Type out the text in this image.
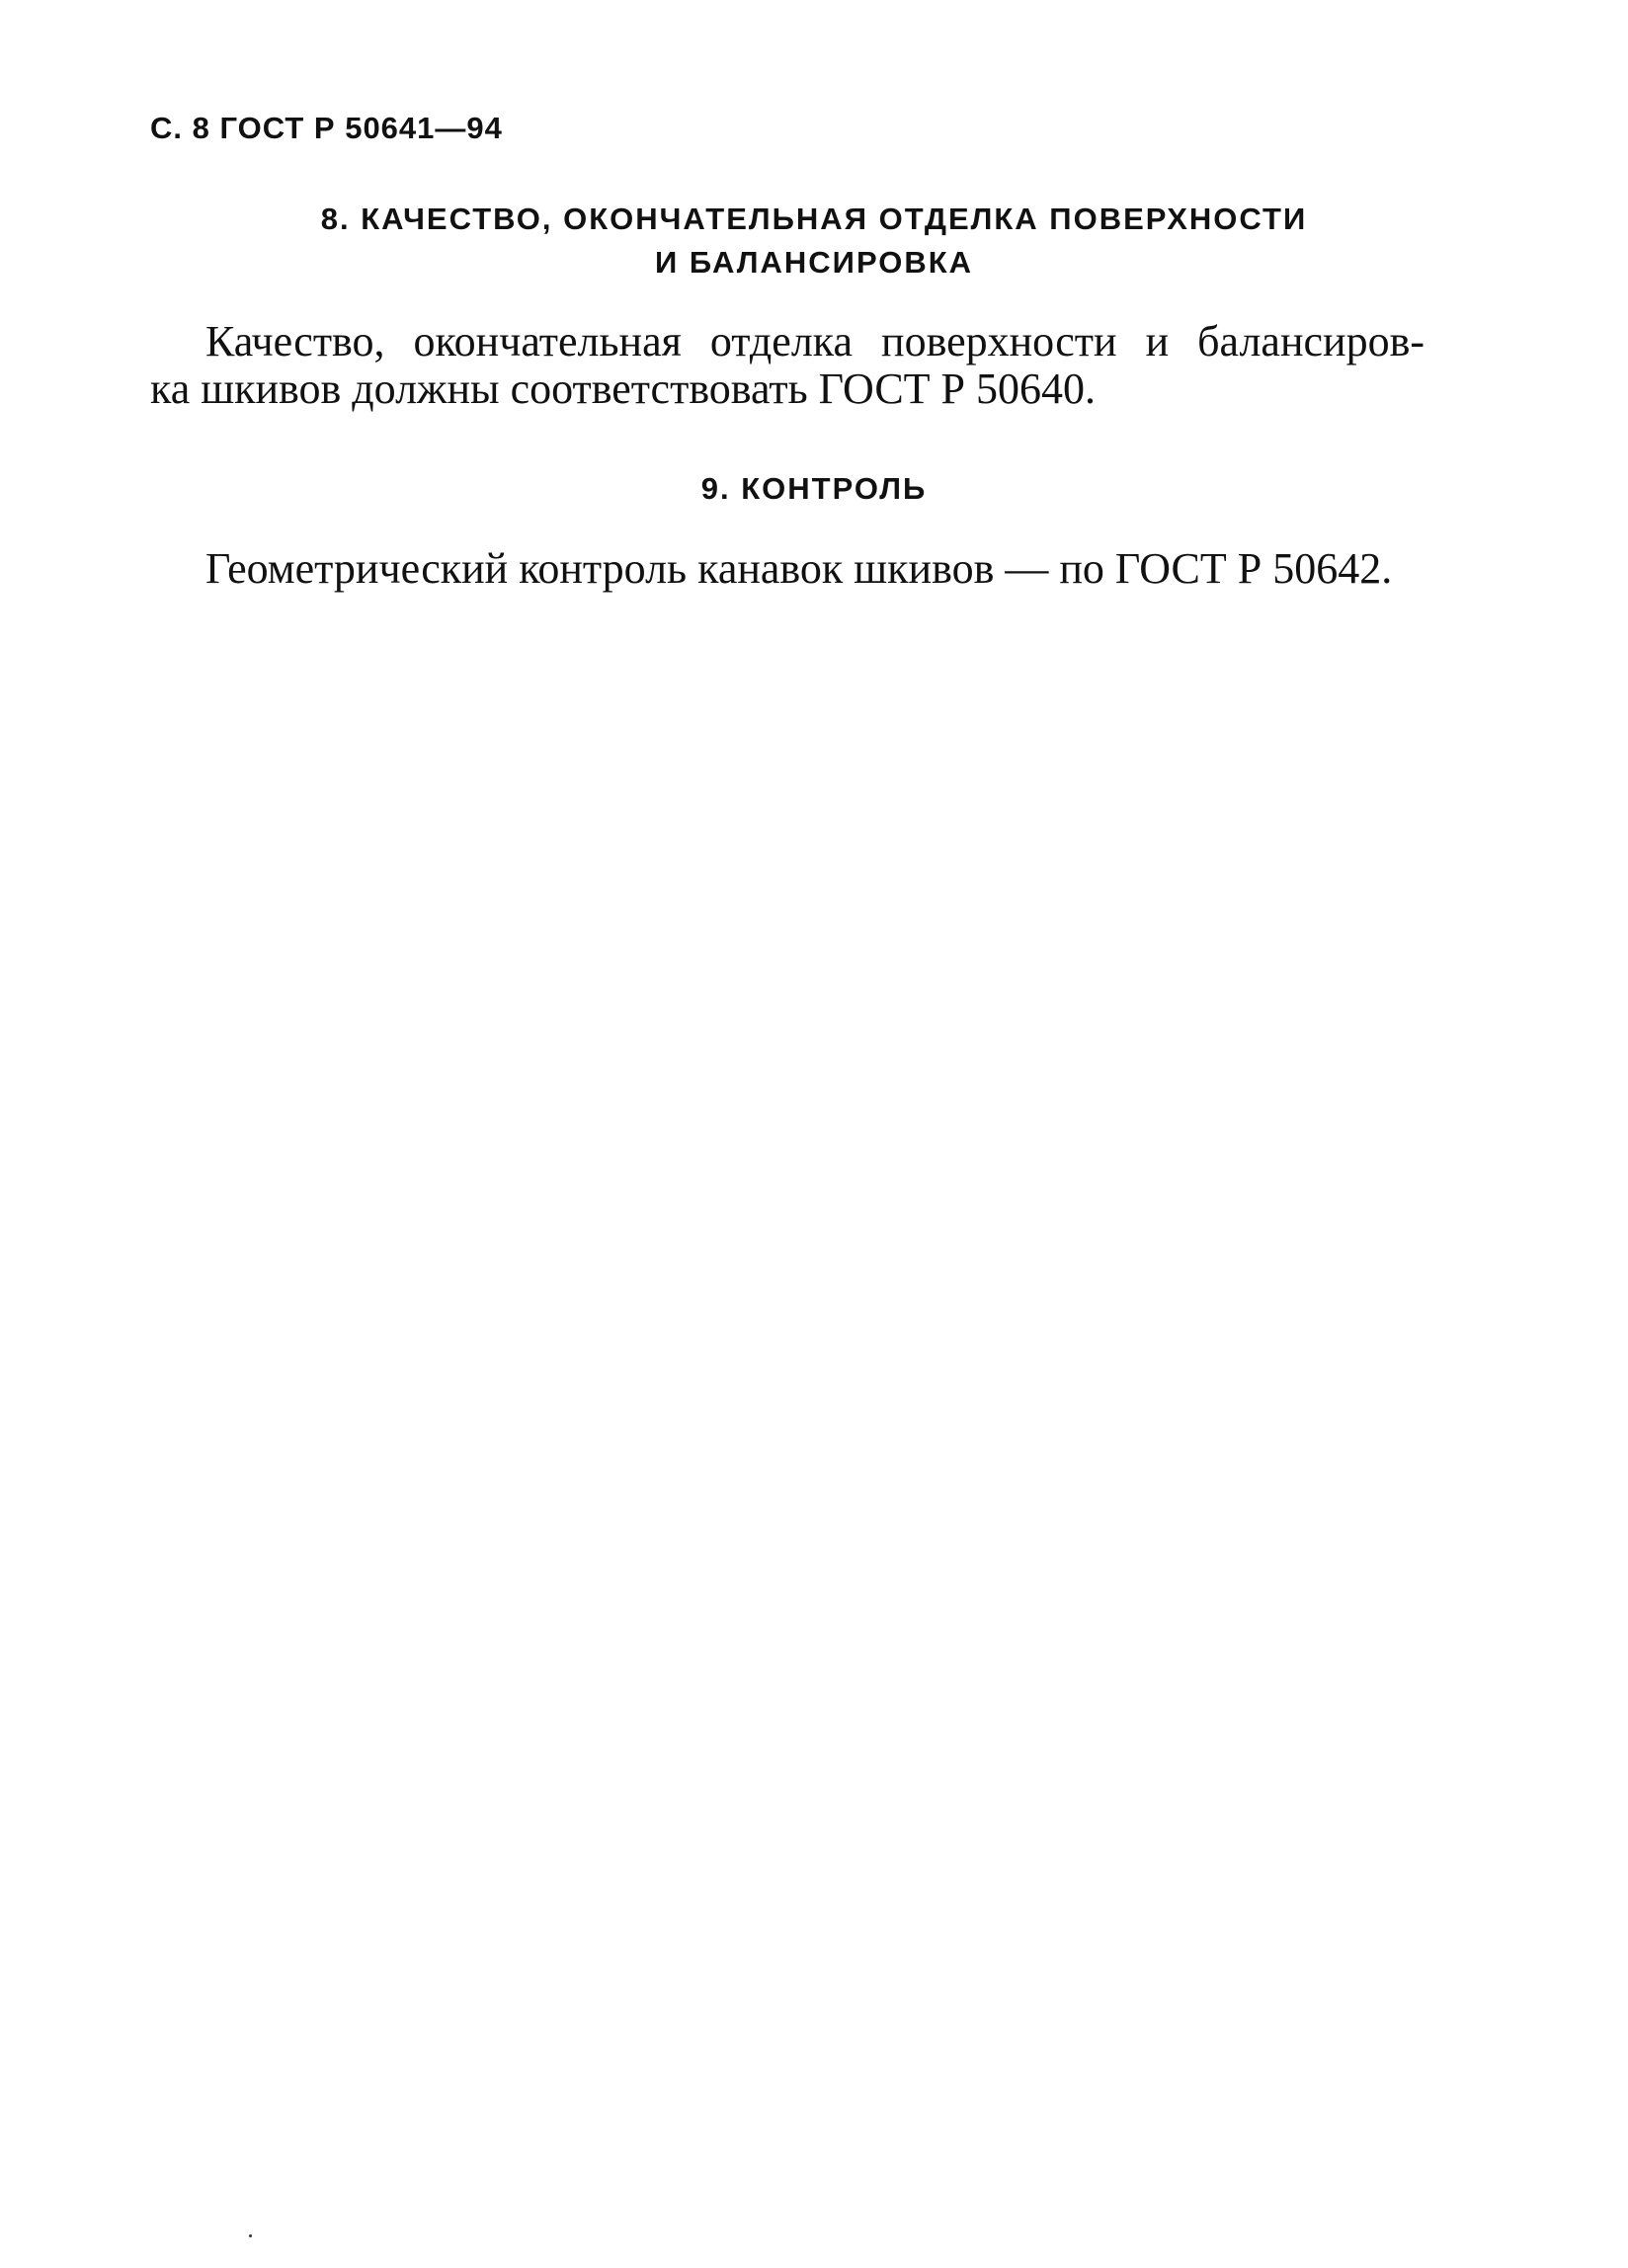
С. 8 ГОСТ Р 50641—94
8. КАЧЕСТВО, ОКОНЧАТЕЛЬНАЯ ОТДЕЛКА ПОВЕРХНОСТИ
И БАЛАНСИРОВКА
Качество, окончательная отделка поверхности и балансиров-
ка шкивов должны соответствовать ГОСТ Р 50640.
9. КОНТРОЛЬ
Геометрический контроль канавок шкивов — по ГОСТ Р 50642.
